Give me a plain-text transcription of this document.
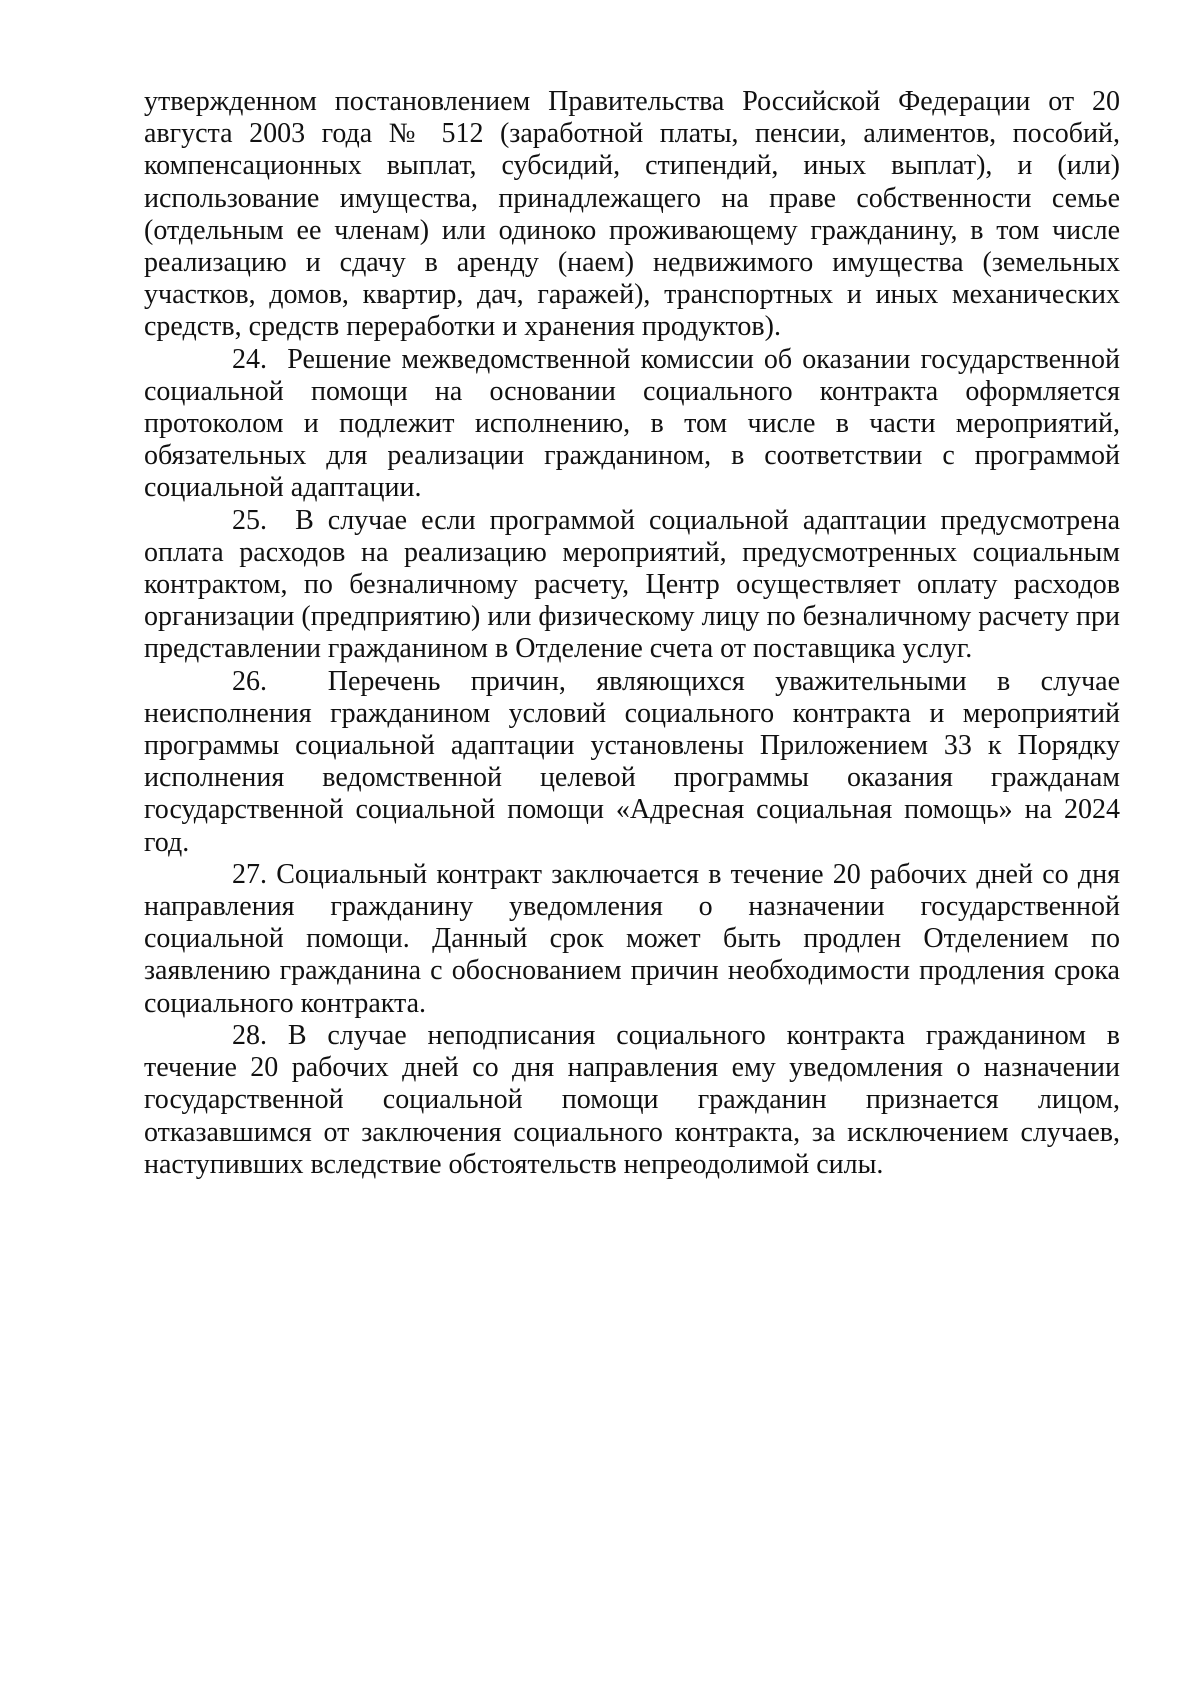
утвержденном постановлением Правительства Российской Федерации от 20 августа 2003 года № 512 (заработной платы, пенсии, алиментов, пособий, компенсационных выплат, субсидий, стипендий, иных выплат), и (или) использование имущества, принадлежащего на праве собственности семье (отдельным ее членам) или одиноко проживающему гражданину, в том числе реализацию и сдачу в аренду (наем) недвижимого имущества (земельных участков, домов, квартир, дач, гаражей), транспортных и иных механических средств, средств переработки и хранения продуктов).

24. Решение межведомственной комиссии об оказании государственной социальной помощи на основании социального контракта оформляется протоколом и подлежит исполнению, в том числе в части мероприятий, обязательных для реализации гражданином, в соответствии с программой социальной адаптации.

25. В случае если программой социальной адаптации предусмотрена оплата расходов на реализацию мероприятий, предусмотренных социальным контрактом, по безналичному расчету, Центр осуществляет оплату расходов организации (предприятию) или физическому лицу по безналичному расчету при представлении гражданином в Отделение счета от поставщика услуг.

26. Перечень причин, являющихся уважительными в случае неисполнения гражданином условий социального контракта и мероприятий программы социальной адаптации установлены Приложением 33 к Порядку исполнения ведомственной целевой программы оказания гражданам государственной социальной помощи «Адресная социальная помощь» на 2024 год.

27. Социальный контракт заключается в течение 20 рабочих дней со дня направления гражданину уведомления о назначении государственной социальной помощи. Данный срок может быть продлен Отделением по заявлению гражданина с обоснованием причин необходимости продления срока социального контракта.

28. В случае неподписания социального контракта гражданином в течение 20 рабочих дней со дня направления ему уведомления о назначении государственной социальной помощи гражданин признается лицом, отказавшимся от заключения социального контракта, за исключением случаев, наступивших вследствие обстоятельств непреодолимой силы.
